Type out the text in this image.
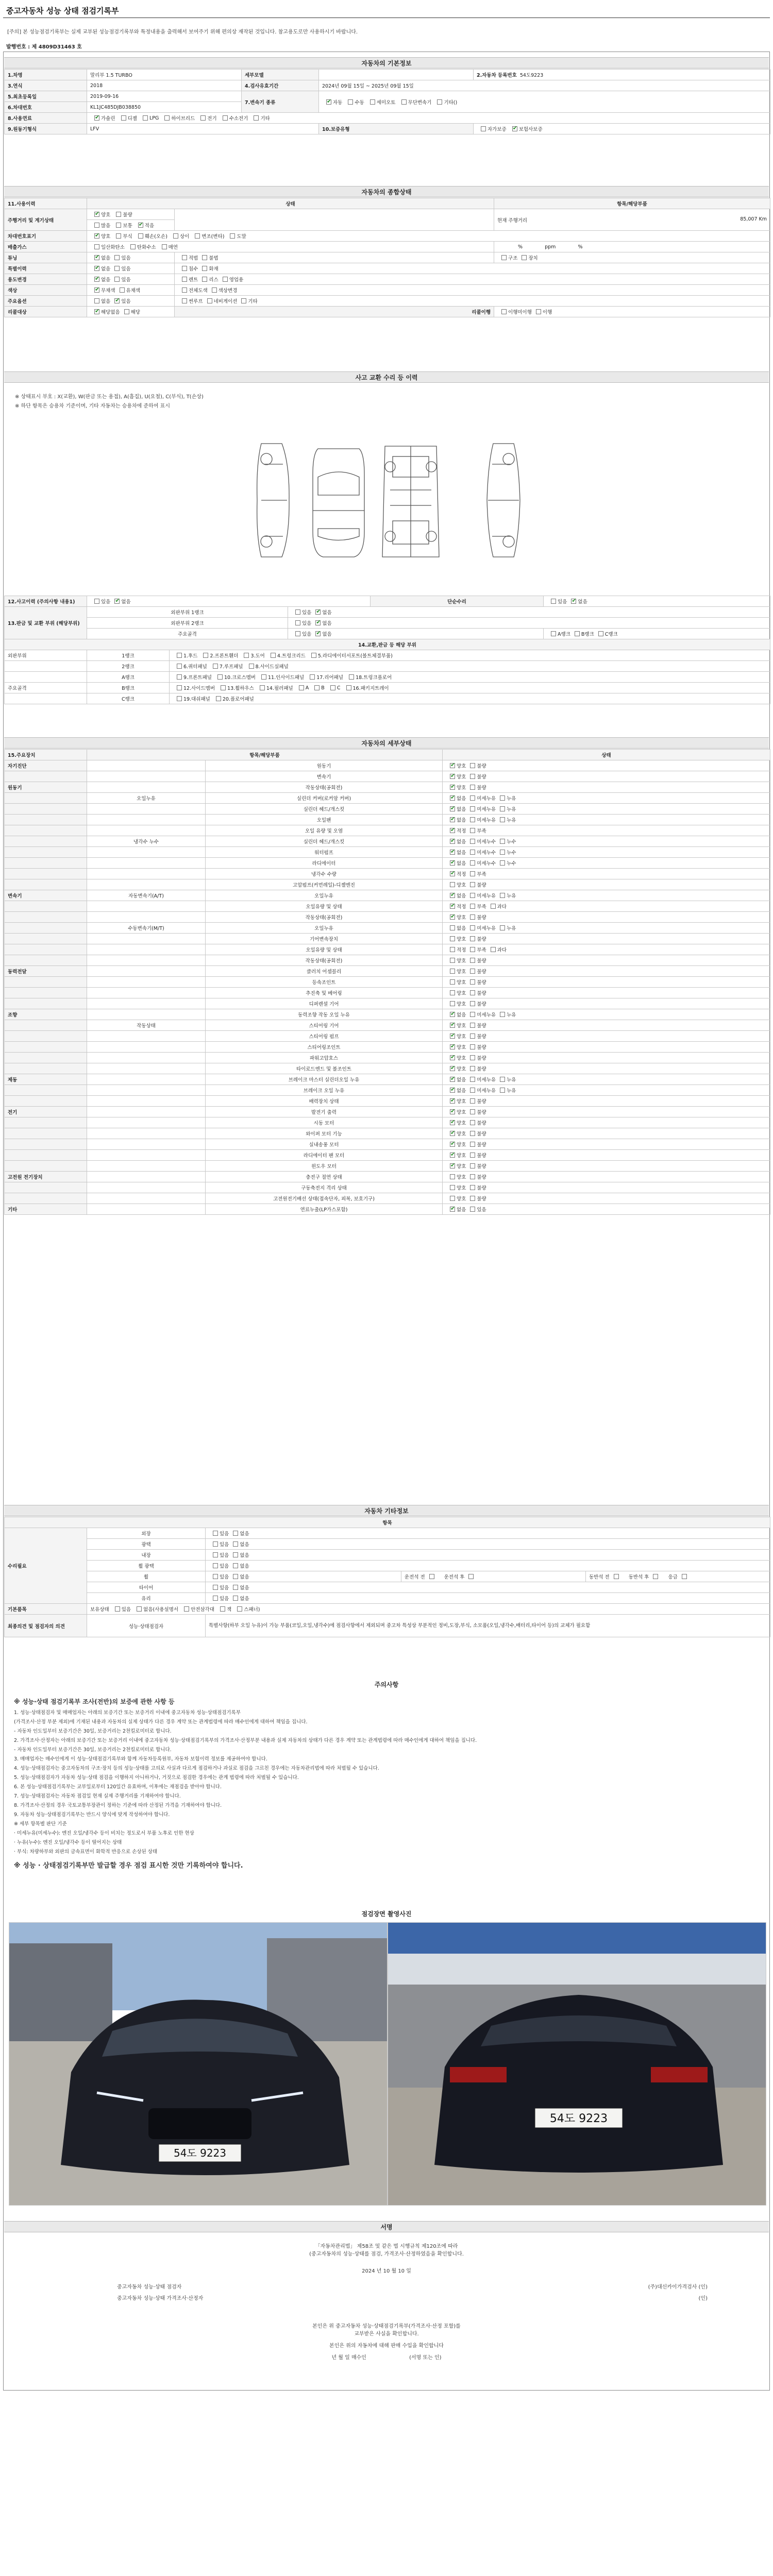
중고자동차 성능 상태 점검기록부
[주의] 본 성능점검기록부는 실제 교부된 성능점검기록부와 특정내용을 출력해서 보여주기 위해 편의상 재작된 것입니다. 참고용도로만 사용하시기 바랍니다.
발행번호 : 제 4809D31463 호
자동차의 기본정보
1.차명	말리부 1.5 TURBO	세부모델		2.자동차 등록번호 54도9223
3.연식	2018	4.검사유효기간	2024년 09월 15일 ~ 2025년 09월 15일	
5.최초등록일	2019-09-16	7.변속기 종류	✔자동 수동 세미오토 무단변속기 기타()
6.차대번호	KL1JC485DJB038850			
8.사용연료	✔가솔린 디젤 LPG 하이브리드 전기 수소전기 기타
9.원동기형식	LFV		10.보증유형	자가보증 ✔ 보험사보증
자동차의 종합상태
11.사용이력	상태		항목/해당부품
주행거리 및 계기상태	✔양호 불량		현재 주행거리 85,007 Km

	많음 보통 ✔ 적음
차대번호표기	✔양호 부식 훼손(오손) 상이 변조(변타) 도말
배출가스	일산화탄소 탄화수소 매연		% ppm %
튜닝	✔없음 있음	적법 불법	구조 장치
특별이력	✔없음 있음	침수 화재	
용도변경	✔없음 있음	렌트 리스 영업용	
색상	✔무채색 유채색	전체도색 색상변경	
주요옵션	없음 ✔ 있음	썬루프 네비게이션 기타	
리콜대상	✔해당없음 해당	리콜이행	이행미이행 이행
사고 교환 수리 등 이력
※ 상태표시 부호 : X(교환), W(판금 또는 용접), A(흠집), U(요철), C(부식), T(손상)
※ 하단 항목은 승용차 기준이며, 기타 자동차는 승용차에 준하여 표시
12.사고이력 (주의사항 내용1)	있음 ✔ 없음			단순수리	있음 ✔ 없음
13.판금 및 교환 부위 (해당부위)	외판부위 1랭크		있음 ✔ 없음
	외판부위 2랭크		있음 ✔ 없음
	주요골격		있음 ✔ 없음		A랭크 B랭크 C랭크
14.교환,판금 등 해당 부위					
외판부위	1랭크	1.후드 2.프론트휀더 3.도어 4.트렁크리드 5.라디에이터서포트(볼트체결부품)			
	2랭크	6.쿼터패널 7.루프패널 8.사이드실패널			
	A랭크	9.프론트패널 10.크로스멤버 11.인사이드패널 17.리어패널 18.트렁크플로어			
주요골격	B랭크	12.사이드멤버 13.휠하우스 14.필러패널 A B C 16.패키지트레이			
	C랭크	19.대쉬패널 20.플로어패널			
자동차의 세부상태
15.주요장치	항목/해당부품		상태
자기진단		원동기	✔양호 불량
		변속기	✔양호 불량
원동기		작동상태(공회전)	✔양호 불량
	오일누유	실린더 커버(로커암 커버)	✔없음 미세누유 누유
		실린더 헤드/개스킷	✔없음 미세누유 누유
		오일팬	✔없음 미세누유 누유
		오일 유량 및 오염	✔적정 부족
	냉각수 누수	실린더 헤드/개스킷	✔없음 미세누수 누수
		워터펌프	✔없음 미세누수 누수
		라디에이터	✔없음 미세누수 누수
		냉각수 수량	✔적정 부족
		고압펌프(커먼레일)-디젤엔진	양호 불량
변속기	자동변속기(A/T)	오일누유	✔없음 미세누유 누유
		오일유량 및 상태	✔적정 부족 과다
		작동상태(공회전)	✔양호 불량
	수동변속기(M/T)	오일누유	없음 미세누유 누유
		기어변속장치	양호 불량
		오일유량 및 상태	적정 부족 과다
		작동상태(공회전)	양호 불량
동력전달		클러치 어셈블리	양호 불량
		등속조인트	양호 불량
		추진축 및 베어링	양호 불량
		디퍼렌셜 기어	양호 불량
조향		동력조향 작동 오일 누유	✔없음 미세누유 누유
	작동상태	스티어링 기어	✔양호 불량
		스티어링 펌프	✔양호 불량
		스티어링조인트	✔양호 불량
		파워고압호스	✔양호 불량
		타이로드엔드 및 볼조인트	✔양호 불량
제동		브레이크 마스터 실린더오일 누유	✔없음 미세누유 누유
		브레이크 오일 누유	✔없음 미세누유 누유
		배력장치 상태	✔양호 불량
전기		발전기 출력	✔양호 불량
		시동 모터	✔양호 불량
		와이퍼 모터 기능	✔양호 불량
		실내송풍 모터	✔양호 불량
		라디에이터 팬 모터	✔양호 불량
		윈도우 모터	✔양호 불량
고전원 전기장치		충전구 절연 상태	양호 불량
		구동축전지 격리 상태	양호 불량
		고전원전기배선 상태(접속단자, 피복, 보호기구)	양호 불량
기타		연료누출(LP가스포함)	✔없음 있음
자동차 기타정보
항목				
수리필요	외장	있음 없음		
	광택	있음 없음		
	내장	있음 없음		
	휠 광택	있음 없음		
	휠	있음 없음	운전석 전 운전석 후	동반석 전 동반석 후 응급
	타이어	있음 없음		
	유리	있음 없음		
기본품목	보유상태 있음 없음(사용설명서 안전삼각대 잭 스패너)			
최종의견 및 점검자의 의견	성능·상태점검자	특별사항(하부 오일 누유)이 가능 부품(코일,오일,냉각수)에 점검사항에서 제외되며 중고차 특성상 부분적인 정비,도장,부식, 소모품(오일,냉각수,배터리,타이어 등)의 교체가 필요함		
주의사항

※ 성능·상태 점검기록부 조사(전반)의 보증에 관한 사항 등

1. 성능·상태점검자 및 매매업자는 아래의 보증기간 또는 보증거리 이내에 중고자동차 성능·상태점검기록부

(가격조사·산정 부분 제외)에 기재된 내용과 자동차의 실제 상태가 다른 경우 계약 또는 관계법령에 따라 매수인에게 대하여 책임을 집니다.

- 자동차 인도일부터 보증기간은 30일, 보증거리는 2천킬로미터로 합니다.

2. 가격조사·산정자는 아래의 보증기간 또는 보증거리 이내에 중고자동차 성능·상태점검기록부의 가격조사·산정부분 내용과 실제 자동차의 상태가 다른 경우 계약 또는 관계법령에 따라 매수인에게 대하여 책임을 집니다.

- 자동차 인도일부터 보증기간은 30일, 보증거리는 2천킬로미터로 합니다.

3. 매매업자는 매수인에게 이 성능·상태점검기록부와 함께 자동차등록원부, 자동차 보험이력 정보를 제공하여야 합니다.

4. 성능·상태점검자는 중고자동차의 구조·장치 등의 성능·상태를 고의로 사실과 다르게 점검하거나 과실로 점검을 그르친 경우에는 자동차관리법에 따라 처벌될 수 있습니다.

5. 성능·상태점검자가 자동차 성능·상태 점검을 이행하지 아니하거나, 거짓으로 점검한 경우에는 관계 법령에 따라 처벌될 수 있습니다.

6. 본 성능·상태점검기록부는 교부일로부터 120일간 유효하며, 이후에는 재점검을 받아야 합니다.

7. 성능·상태점검자는 자동차 점검일 현재 실제 주행거리를 기재하여야 합니다.

8. 가격조사·산정의 경우 국토교통부장관이 정하는 기준에 따라 산정된 가격을 기재하여야 합니다.

9. 자동차 성능·상태점검기록부는 반드시 양식에 맞게 작성하여야 합니다.

※ 세부 항목별 판단 기준

· 미세누유(미세누수): 엔진 오일/냉각수 등이 비치는 정도로서 부품 노후로 인한 현상

· 누유(누수): 엔진 오일/냉각수 등이 떨어지는 상태

· 부식: 차량하부와 외판의 금속표면이 화학적 반응으로 손상된 상태

※ 성능 · 상태점검기록부만 발급할 경우 점검 표시한 것만 기록하여야 합니다.

점검장면 촬영사진
54도 9223
54도 9223
서명
「자동차관리법」 제58조 및 같은 법 시행규칙 제120조에 따라
(중고자동차의 성능·상태를 점검, 가격조사·산정하였음을 확인합니다.
2024 년 10 월 10 일
중고자동차 성능·상태 점검자	(주)대신카이가격검사 (인)
중고자동차 성능·상태 가격조사·산정자	(인)
본인은 위 중고자동차 성능·상태점검기록부(가격조사·산정 포함)를
교부받은 사실을 확인합니다.
본인은 위의 자동차에 대해 판매 수입을 확인합니다
년 월 일 매수인	(서명 또는 인)
